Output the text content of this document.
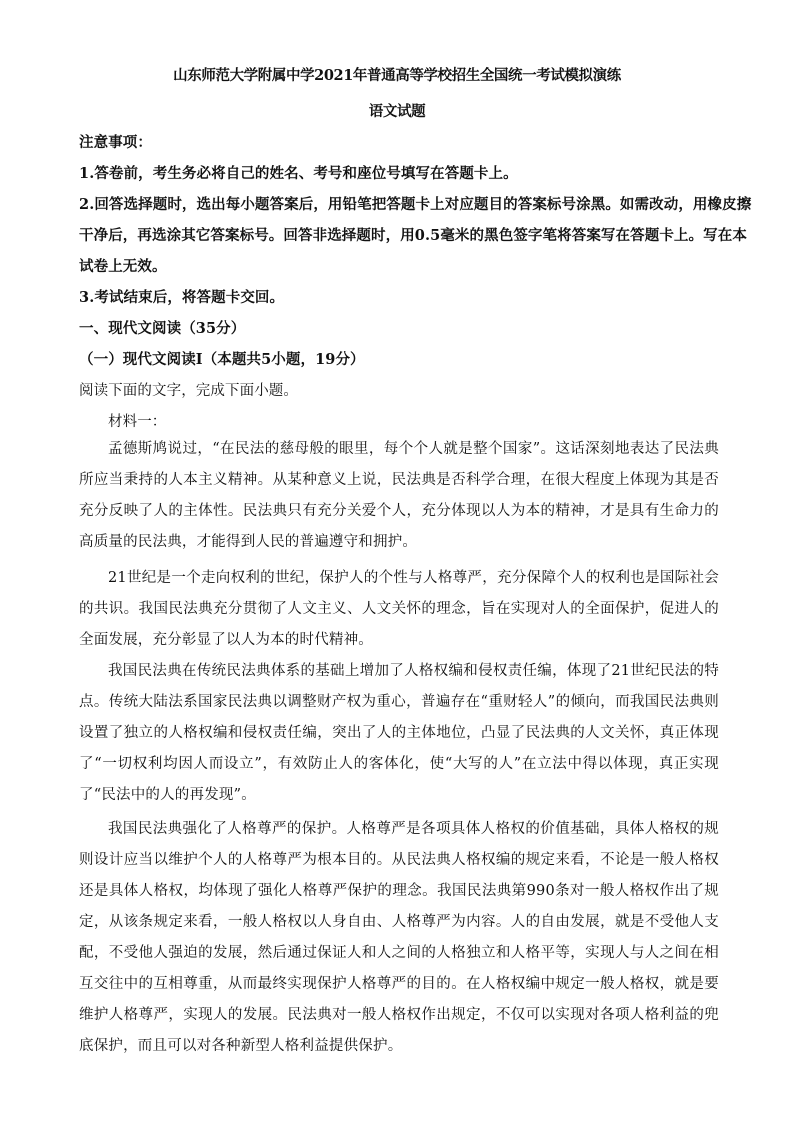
山东师范大学附属中学2021年普通高等学校招生全国统一考试模拟演练
语文试题
注意事项：
1.答卷前，考生务必将自己的姓名、考号和座位号填写在答题卡上。
2.回答选择题时，选出每小题答案后，用铅笔把答题卡上对应题目的答案标号涂黑。如需改动，用橡皮擦
干净后，再选涂其它答案标号。回答非选择题时，用0.5毫米的黑色签字笔将答案写在答题卡上。写在本
试卷上无效。
3.考试结束后，将答题卡交回。
一、现代文阅读（35分）
（一）现代文阅读Ⅰ（本题共5小题，19分）
阅读下面的文字，完成下面小题。
材料一：
孟德斯鸠说过，“在民法的慈母般的眼里，每个个人就是整个国家”。这话深刻地表达了民法典所应当秉持的人本主义精神。从某种意义上说，民法典是否科学合理，在很大程度上体现为其是否充分反映了人的主体性。民法典只有充分关爱个人，充分体现以人为本的精神，才是具有生命力的高质量的民法典，才能得到人民的普遍遵守和拥护。
21世纪是一个走向权利的世纪，保护人的个性与人格尊严，充分保障个人的权利也是国际社会的共识。我国民法典充分贯彻了人文主义、人文关怀的理念，旨在实现对人的全面保护，促进人的全面发展，充分彰显了以人为本的时代精神。
我国民法典在传统民法典体系的基础上增加了人格权编和侵权责任编，体现了21世纪民法的特点。传统大陆法系国家民法典以调整财产权为重心，普遍存在“重财轻人”的倾向，而我国民法典则设置了独立的人格权编和侵权责任编，突出了人的主体地位，凸显了民法典的人文关怀，真正体现了“一切权利均因人而设立”，有效防止人的客体化，使“大写的人”在立法中得以体现，真正实现了“民法中的人的再发现”。
我国民法典强化了人格尊严的保护。人格尊严是各项具体人格权的价值基础，具体人格权的规则设计应当以维护个人的人格尊严为根本目的。从民法典人格权编的规定来看，不论是一般人格权还是具体人格权，均体现了强化人格尊严保护的理念。我国民法典第990条对一般人格权作出了规定，从该条规定来看，一般人格权以人身自由、人格尊严为内容。人的自由发展，就是不受他人支配，不受他人强迫的发展，然后通过保证人和人之间的人格独立和人格平等，实现人与人之间在相互交往中的互相尊重，从而最终实现保护人格尊严的目的。在人格权编中规定一般人格权，就是要维护人格尊严，实现人的发展。民法典对一般人格权作出规定，不仅可以实现对各项人格利益的兜底保护，而且可以对各种新型人格利益提供保护。
